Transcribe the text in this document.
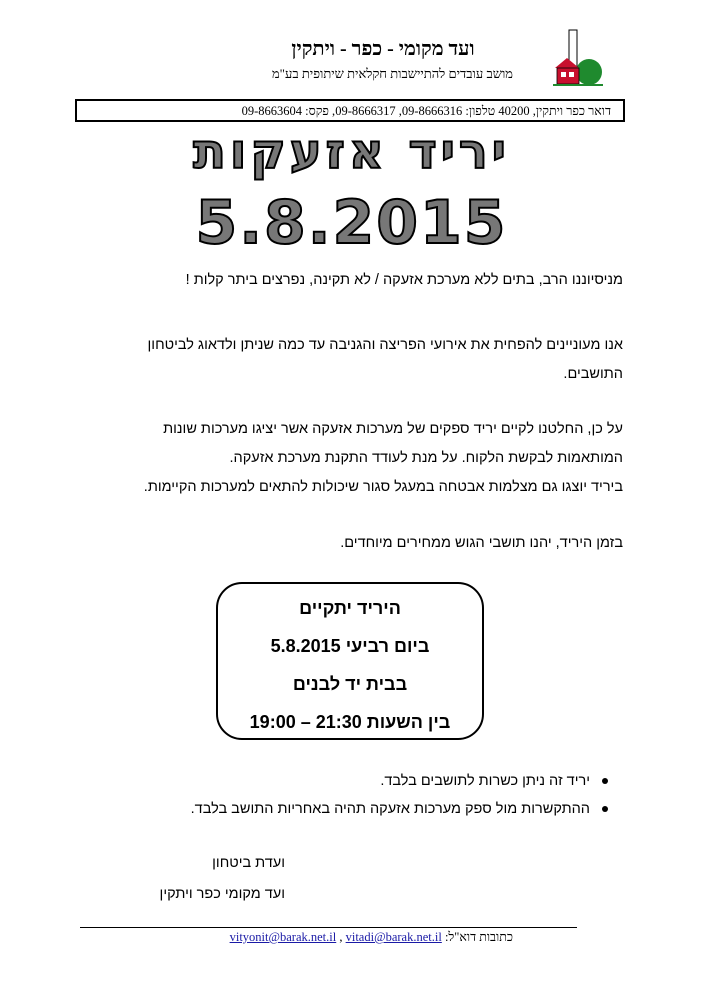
ועד מקומי - כפר - ויתקין
מושב עובדים להתיישבות חקלאית שיתופית בע"מ
דואר כפר ויתקין, 40200 טלפון: 09-8666316, 09-8666317, פקס: 09-8663604
יריד אזעקות
5.8.2015
מניסיוננו הרב, בתים ללא מערכת אזעקה / לא תקינה, נפרצים ביתר קלות !
אנו מעוניינים להפחית את אירועי הפריצה והגניבה עד כמה שניתן ולדאוג לביטחון התושבים.
על כן, החלטנו לקיים יריד ספקים של מערכות אזעקה אשר יציגו מערכות שונות המותאמות לבקשת הלקוח. על מנת לעודד התקנת מערכת אזעקה.
ביריד יוצגו גם מצלמות אבטחה במעגל סגור שיכולות להתאים למערכות הקיימות.
בזמן היריד, יהנו תושבי הגוש ממחירים מיוחדים.
היריד יתקיים
ביום רביעי 5.8.2015
בבית יד לבנים
בין השעות 21:30 – 19:00
יריד זה ניתן כשרות לתושבים בלבד.
ההתקשרות מול ספק מערכות אזעקה תהיה באחריות התושב בלבד.
ועדת ביטחון
ועד מקומי כפר ויתקין
כתובות דוא"ל: vityonit@barak.net.il , vitadi@barak.net.il
